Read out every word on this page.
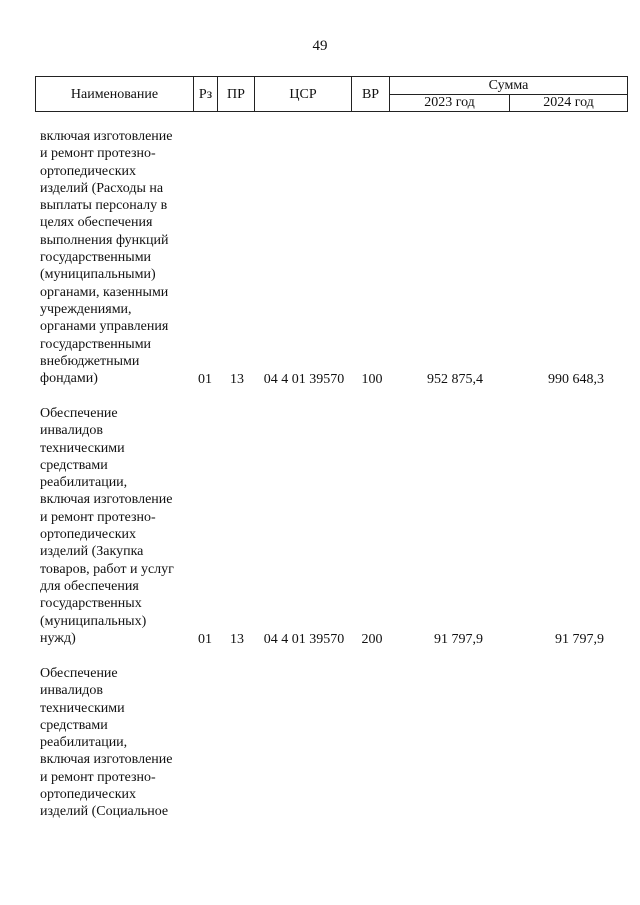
49
Наименование	Рз	ПР	ЦСР	ВР	Сумма	
					2023 год	2024 год
включая изготовление
и ремонт протезно-
ортопедических
изделий (Расходы на
выплаты персоналу в
целях обеспечения
выполнения функций
государственными
(муниципальными)
органами, казенными
учреждениями,
органами управления
государственными
внебюджетными
фондами)	01 13	04 4 01 39570	100	952 875,4	990 648,3
Обеспечение
инвалидов
техническими
средствами
реабилитации,
включая изготовление
и ремонт протезно-
ортопедических
изделий (Закупка
товаров, работ и услуг
для обеспечения
государственных
(муниципальных)
нужд)	01 13	04 4 01 39570	200	91 797,9	91 797,9
Обеспечение
инвалидов
техническими
средствами
реабилитации,
включая изготовление
и ремонт протезно-
ортопедических
изделий (Социальное
